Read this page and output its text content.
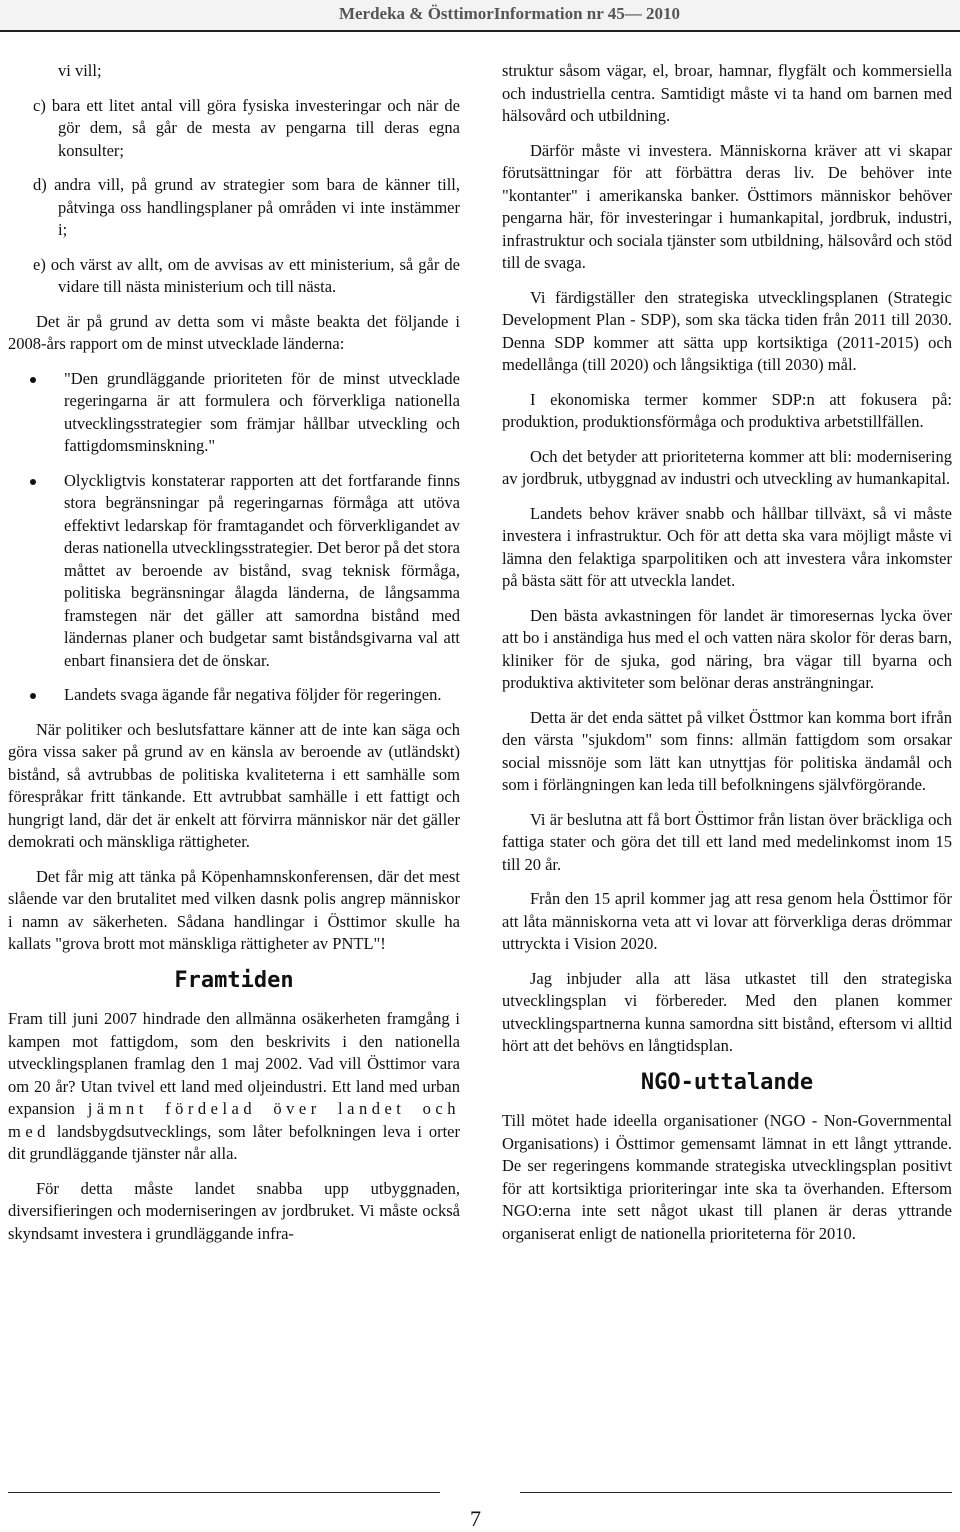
Merdeka & ÖsttimorInformation nr 45— 2010

vi vill;

c) bara ett litet antal vill göra fysiska investeringar och när de gör dem, så går de mesta av pengarna till deras egna konsulter;
d) andra vill, på grund av strategier som bara de känner till, påtvinga oss handlingsplaner på områden vi inte instämmer i;
e) och värst av allt, om de avvisas av ett ministerium, så går de vidare till nästa ministerium och till nästa.

Det är på grund av detta som vi måste beakta det följande i 2008-års rapport om de minst utvecklade länderna:

"Den grundläggande prioriteten för de minst utvecklade regeringarna är att formulera och förverkliga nationella utvecklingsstrategier som främjar hållbar utveckling och fattigdomsminskning."
Olyckligtvis konstaterar rapporten att det fortfarande finns stora begränsningar på regeringarnas förmåga att utöva effektivt ledarskap för framtagandet och förverkligandet av deras nationella utvecklingsstrategier. Det beror på det stora måttet av beroende av bistånd, svag teknisk förmåga, politiska begränsningar ålagda länderna, de långsamma framstegen när det gäller att samordna bistånd med ländernas planer och budgetar samt biståndsgivarna val att enbart finansiera det de önskar.
Landets svaga ägande får negativa följder för regeringen.

När politiker och beslutsfattare känner att de inte kan säga och göra vissa saker på grund av en känsla av beroende av (utländskt) bistånd, så avtrubbas de politiska kvaliteterna i ett samhälle som förespråkar fritt tänkande. Ett avtrubbat samhälle i ett fattigt och hungrigt land, där det är enkelt att förvirra människor när det gäller demokrati och mänskliga rättigheter.

Det får mig att tänka på Köpenhamnskonferensen, där det mest slående var den brutalitet med vilken dasnk polis angrep människor i namn av säkerheten. Sådana handlingar i Östtimor skulle ha kallats "grova brott mot mänskliga rättigheter av PNTL"!

Framtiden

Fram till juni 2007 hindrade den allmänna osäkerheten framgång i kampen mot fattigdom, som den beskrivits i den nationella utvecklingsplanen framlag den 1 maj 2002. Vad vill Östtimor vara om 20 år? Utan tvivel ett land med oljeindustri. Ett land med urban expansion jämnt fördelad över landet och med landsbygdsutvecklings, som låter befolkningen leva i orter dit grundläggande tjänster når alla.

För detta måste landet snabba upp utbyggnaden, diversifieringen och moderniseringen av jordbruket. Vi måste också skyndsamt investera i grundläggande infra-

struktur såsom vägar, el, broar, hamnar, flygfält och kommersiella och industriella centra. Samtidigt måste vi ta hand om barnen med hälsovård och utbildning.

Därför måste vi investera. Människorna kräver att vi skapar förutsättningar för att förbättra deras liv. De behöver inte "kontanter" i amerikanska banker. Östtimors människor behöver pengarna här, för investeringar i humankapital, jordbruk, industri, infrastruktur och sociala tjänster som utbildning, hälsovård och stöd till de svaga.

Vi färdigställer den strategiska utvecklingsplanen (Strategic Development Plan - SDP), som ska täcka tiden från 2011 till 2030. Denna SDP kommer att sätta upp kortsiktiga (2011-2015) och medellånga (till 2020) och långsiktiga (till 2030) mål.

I ekonomiska termer kommer SDP:n att fokusera på: produktion, produktionsförmåga och produktiva arbetstillfällen.

Och det betyder att prioriteterna kommer att bli: modernisering av jordbruk, utbyggnad av industri och utveckling av humankapital.

Landets behov kräver snabb och hållbar tillväxt, så vi måste investera i infrastruktur. Och för att detta ska vara möjligt måste vi lämna den felaktiga sparpolitiken och att investera våra inkomster på bästa sätt för att utveckla landet.

Den bästa avkastningen för landet är timoresernas lycka över att bo i anständiga hus med el och vatten nära skolor för deras barn, kliniker för de sjuka, god näring, bra vägar till byarna och produktiva aktiviteter som belönar deras ansträngningar.

Detta är det enda sättet på vilket Östtmor kan komma bort ifrån den värsta "sjukdom" som finns: allmän fattigdom som orsakar social missnöje som lätt kan utnyttjas för politiska ändamål och som i förlängningen kan leda till befolkningens självförgörande.

Vi är beslutna att få bort Östtimor från listan över bräckliga och fattiga stater och göra det till ett land med medelinkomst inom 15 till 20 år.

Från den 15 april kommer jag att resa genom hela Östtimor för att låta människorna veta att vi lovar att förverkliga deras drömmar uttryckta i Vision 2020.

Jag inbjuder alla att läsa utkastet till den strategiska utvecklingsplan vi förbereder. Med den planen kommer utvecklingspartnerna kunna samordna sitt bistånd, eftersom vi alltid hört att det behövs en långtidsplan.

NGO-uttalande

Till mötet hade ideella organisationer (NGO - Non-Governmental Organisations) i Östtimor gemensamt lämnat in ett långt yttrande. De ser regeringens kommande strategiska utvecklingsplan positivt för att kortsiktiga prioriteringar inte ska ta överhanden. Eftersom NGO:erna inte sett något ukast till planen är deras yttrande organiserat enligt de nationella prioriteterna för 2010.

7
